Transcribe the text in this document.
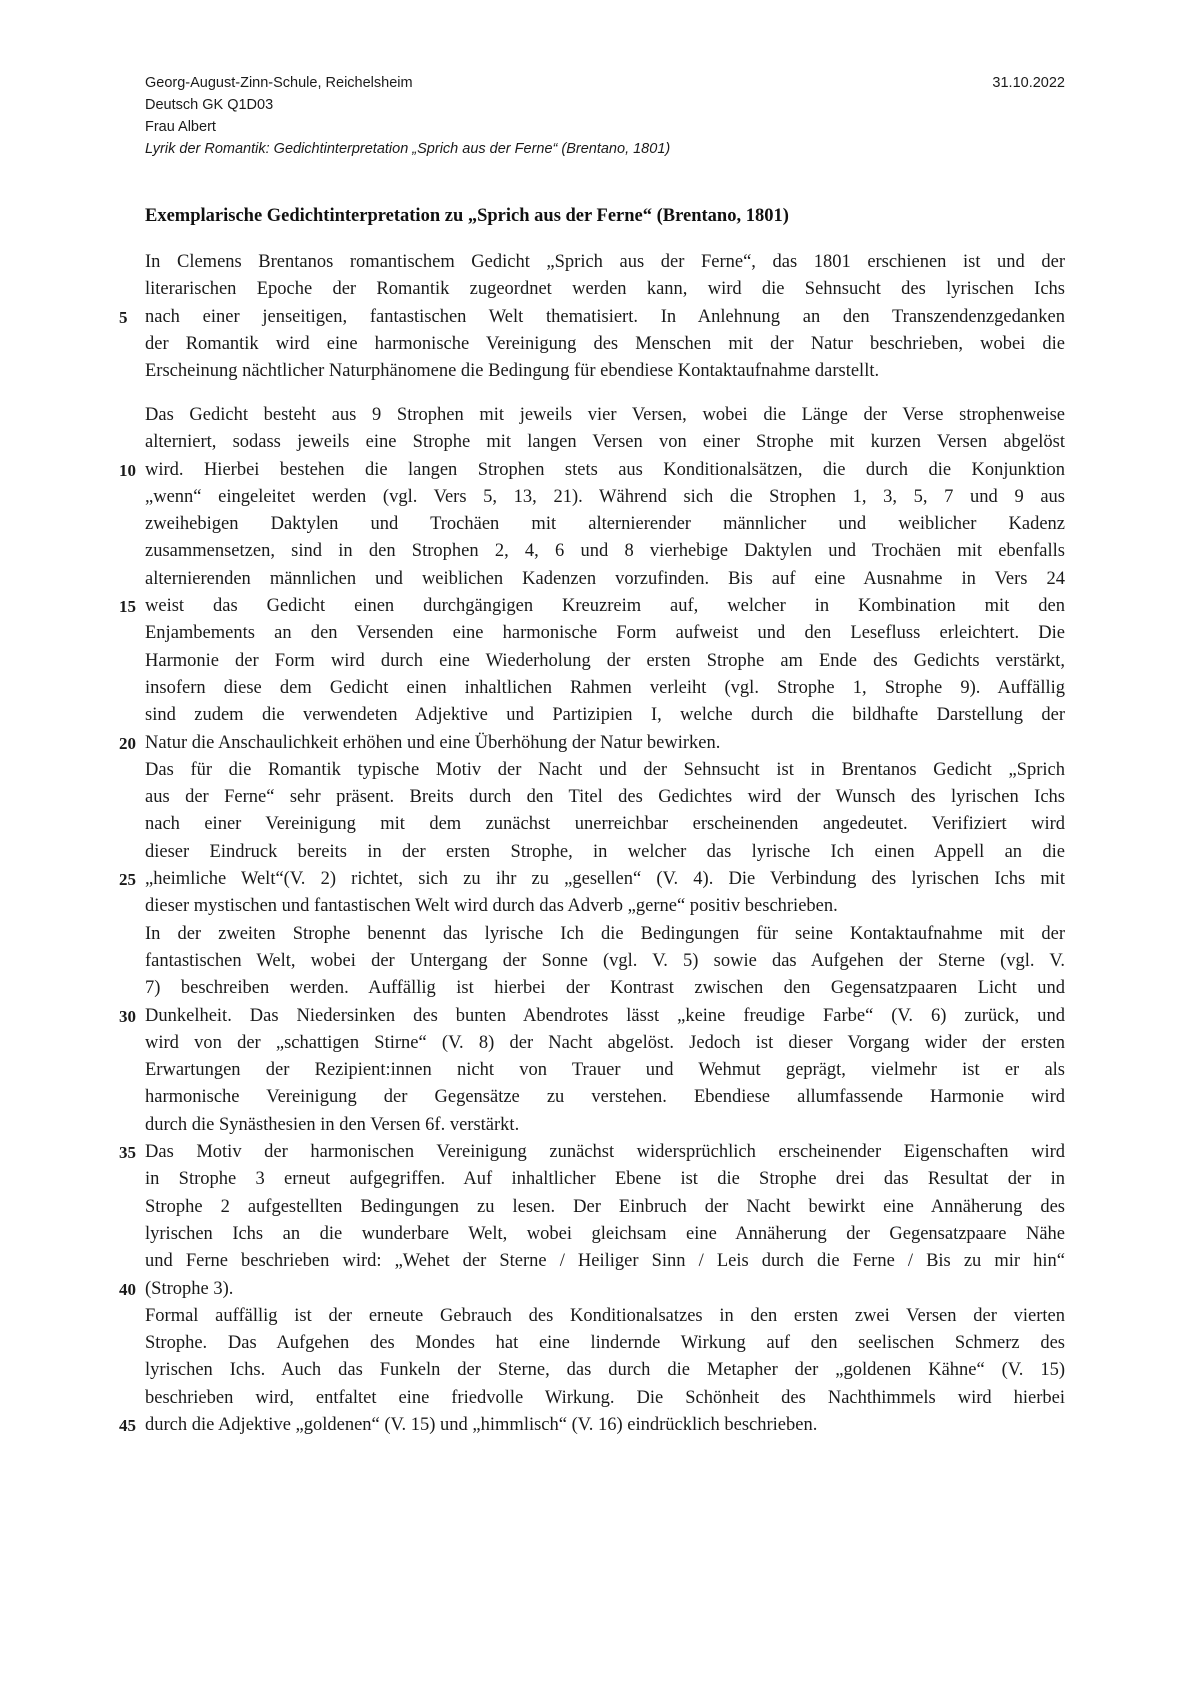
Georg-August-Zinn-Schule, Reichelsheim	31.10.2022
Deutsch GK Q1D03
Frau Albert
Lyrik der Romantik: Gedichtinterpretation „Sprich aus der Ferne“ (Brentano, 1801)
Exemplarische Gedichtinterpretation zu „Sprich aus der Ferne“ (Brentano, 1801)
In Clemens Brentanos romantischem Gedicht „Sprich aus der Ferne“, das 1801 erschienen ist und der
literarischen Epoche der Romantik zugeordnet werden kann, wird die Sehnsucht des lyrischen Ichs
5 nach einer jenseitigen, fantastischen Welt thematisiert. In Anlehnung an den Transzendenzgedanken
der Romantik wird eine harmonische Vereinigung des Menschen mit der Natur beschrieben, wobei die
Erscheinung nächtlicher Naturphänomene die Bedingung für ebendiese Kontaktaufnahme darstellt.
Das Gedicht besteht aus 9 Strophen mit jeweils vier Versen, wobei die Länge der Verse strophenweise
alterniert, sodass jeweils eine Strophe mit langen Versen von einer Strophe mit kurzen Versen abgelöst
10 wird. Hierbei bestehen die langen Strophen stets aus Konditionalsätzen, die durch die Konjunktion
„wenn“ eingeleitet werden (vgl. Vers 5, 13, 21). Während sich die Strophen 1, 3, 5, 7 und 9 aus
zweihebigen Daktylen und Trochäen mit alternierender männlicher und weiblicher Kadenz
zusammensetzen, sind in den Strophen 2, 4, 6 und 8 vierhebige Daktylen und Trochäen mit ebenfalls
alternierenden männlichen und weiblichen Kadenzen vorzufinden. Bis auf eine Ausnahme in Vers 24
15 weist das Gedicht einen durchgängigen Kreuzreim auf, welcher in Kombination mit den
Enjambements an den Versenden eine harmonische Form aufweist und den Lesefluss erleichtert. Die
Harmonie der Form wird durch eine Wiederholung der ersten Strophe am Ende des Gedichts verstärkt,
insofern diese dem Gedicht einen inhaltlichen Rahmen verleiht (vgl. Strophe 1, Strophe 9). Auffällig
sind zudem die verwendeten Adjektive und Partizipien I, welche durch die bildhafte Darstellung der
20 Natur die Anschaulichkeit erhöhen und eine Überhöhung der Natur bewirken.
Das für die Romantik typische Motiv der Nacht und der Sehnsucht ist in Brentanos Gedicht „Sprich
aus der Ferne“ sehr präsent. Breits durch den Titel des Gedichtes wird der Wunsch des lyrischen Ichs
nach einer Vereinigung mit dem zunächst unerreichbar erscheinenden angedeutet. Verifiziert wird
dieser Eindruck bereits in der ersten Strophe, in welcher das lyrische Ich einen Appell an die
25 „heimliche Welt“(V. 2) richtet, sich zu ihr zu „gesellen“ (V. 4). Die Verbindung des lyrischen Ichs mit
dieser mystischen und fantastischen Welt wird durch das Adverb „gerne“ positiv beschrieben.
In der zweiten Strophe benennt das lyrische Ich die Bedingungen für seine Kontaktaufnahme mit der
fantastischen Welt, wobei der Untergang der Sonne (vgl. V. 5) sowie das Aufgehen der Sterne (vgl. V.
7) beschreiben werden. Auffällig ist hierbei der Kontrast zwischen den Gegensatzpaaren Licht und
30 Dunkelheit. Das Niedersinken des bunten Abendrotes lässt „keine freudige Farbe“ (V. 6) zurück, und
wird von der „schattigen Stirne“ (V. 8) der Nacht abgelöst. Jedoch ist dieser Vorgang wider der ersten
Erwartungen der Rezipient:innen nicht von Trauer und Wehmut geprägt, vielmehr ist er als
harmonische Vereinigung der Gegensätze zu verstehen. Ebendiese allumfassende Harmonie wird
durch die Synästhesien in den Versen 6f. verstärkt.
35 Das Motiv der harmonischen Vereinigung zunächst widersprüchlich erscheinender Eigenschaften wird
in Strophe 3 erneut aufgegriffen. Auf inhaltlicher Ebene ist die Strophe drei das Resultat der in
Strophe 2 aufgestellten Bedingungen zu lesen. Der Einbruch der Nacht bewirkt eine Annäherung des
lyrischen Ichs an die wunderbare Welt, wobei gleichsam eine Annäherung der Gegensatzpaare Nähe
und Ferne beschrieben wird: „Wehet der Sterne / Heiliger Sinn / Leis durch die Ferne / Bis zu mir hin“
40 (Strophe 3).
Formal auffällig ist der erneute Gebrauch des Konditionalsatzes in den ersten zwei Versen der vierten
Strophe. Das Aufgehen des Mondes hat eine lindernde Wirkung auf den seelischen Schmerz des
lyrischen Ichs. Auch das Funkeln der Sterne, das durch die Metapher der „goldenen Kähne“ (V. 15)
beschrieben wird, entfaltet eine friedvolle Wirkung. Die Schönheit des Nachthimmels wird hierbei
45 durch die Adjektive „goldenen“ (V. 15) und „himmlisch“ (V. 16) eindrücklich beschrieben.
